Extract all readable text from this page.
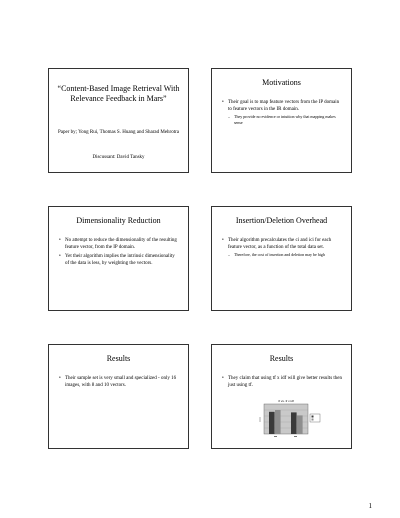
“Content-Based Image Retrieval With Relevance Feedback in Mars”
Paper by; Yong Rui, Thomas S. Huang and Sharad Mehrotra
Discussant: David Tansky
Motivations
• Their goal is to map feature vectors from the IP domain to feature vectors in the IR domain.
– They provide no evidence or intuition why that mapping makes sense
Dimensionality Reduction
• No attempt to reduce the dimensionality of the resulting feature vector, from the IP domain.
• Yet their algorithm implies the intrinsic dimensionality of the data is less, by weighting the vectors.
Insertion/Deletion Overhead
• Their algorithm precalculates the ci and ici for each feature vector, as a function of the total data set.
– Therefore, the cost of insertion and deletion may be high
Results
• Their sample set is very small and specialized - only 16 images, with 8 and 10 vectors.
Results
• They claim that using tf x idf will give better results then just using tf.
tf vs. tf x idf
1
